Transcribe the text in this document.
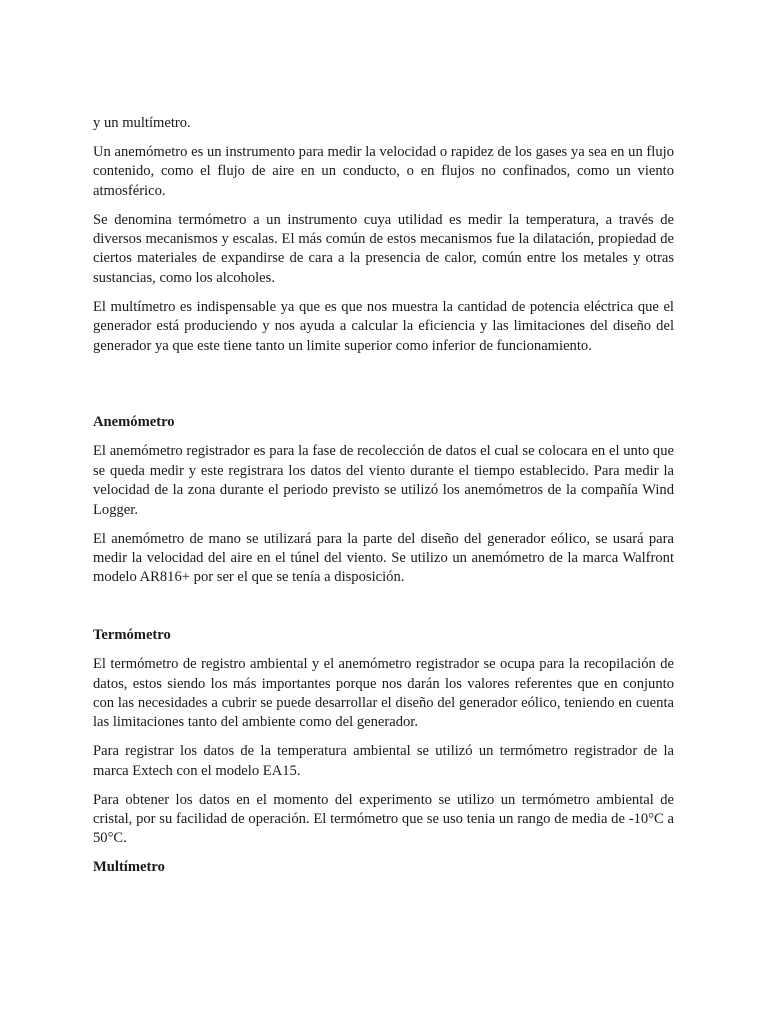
y un multímetro.

Un anemómetro es un instrumento para medir la velocidad o rapidez de los gases ya sea en un flujo contenido, como el flujo de aire en un conducto, o en flujos no confinados, como un viento atmosférico.

Se denomina termómetro a un instrumento cuya utilidad es medir la temperatura, a través de diversos mecanismos y escalas. El más común de estos mecanismos fue la dilatación, propiedad de ciertos materiales de expandirse de cara a la presencia de calor, común entre los metales y otras sustancias, como los alcoholes.

El multímetro es indispensable ya que es que nos muestra la cantidad de potencia eléctrica que el generador está produciendo y nos ayuda a calcular la eficiencia y las limitaciones del diseño del generador ya que este tiene tanto un limite superior como inferior de funcionamiento.

Anemómetro

El anemómetro registrador es para la fase de recolección de datos el cual se colocara en el unto que se queda medir y este registrara los datos del viento durante el tiempo establecido. Para medir la velocidad de la zona durante el periodo previsto se utilizó los anemómetros de la compañía Wind Logger.

El anemómetro de mano se utilizará para la parte del diseño del generador eólico, se usará para medir la velocidad del aire en el túnel del viento. Se utilizo un anemómetro de la marca Walfront modelo AR816+ por ser el que se tenía a disposición.

Termómetro

El termómetro de registro ambiental y el anemómetro registrador se ocupa para la recopilación de datos, estos siendo los más importantes porque nos darán los valores referentes que en conjunto con las necesidades a cubrir se puede desarrollar el diseño del generador eólico, teniendo en cuenta las limitaciones tanto del ambiente como del generador.

Para registrar los datos de la temperatura ambiental se utilizó un termómetro registrador de la marca Extech con el modelo EA15.

Para obtener los datos en el momento del experimento se utilizo un termómetro ambiental de cristal, por su facilidad de operación. El termómetro que se uso tenia un rango de media de -10°C a 50°C.

Multímetro
